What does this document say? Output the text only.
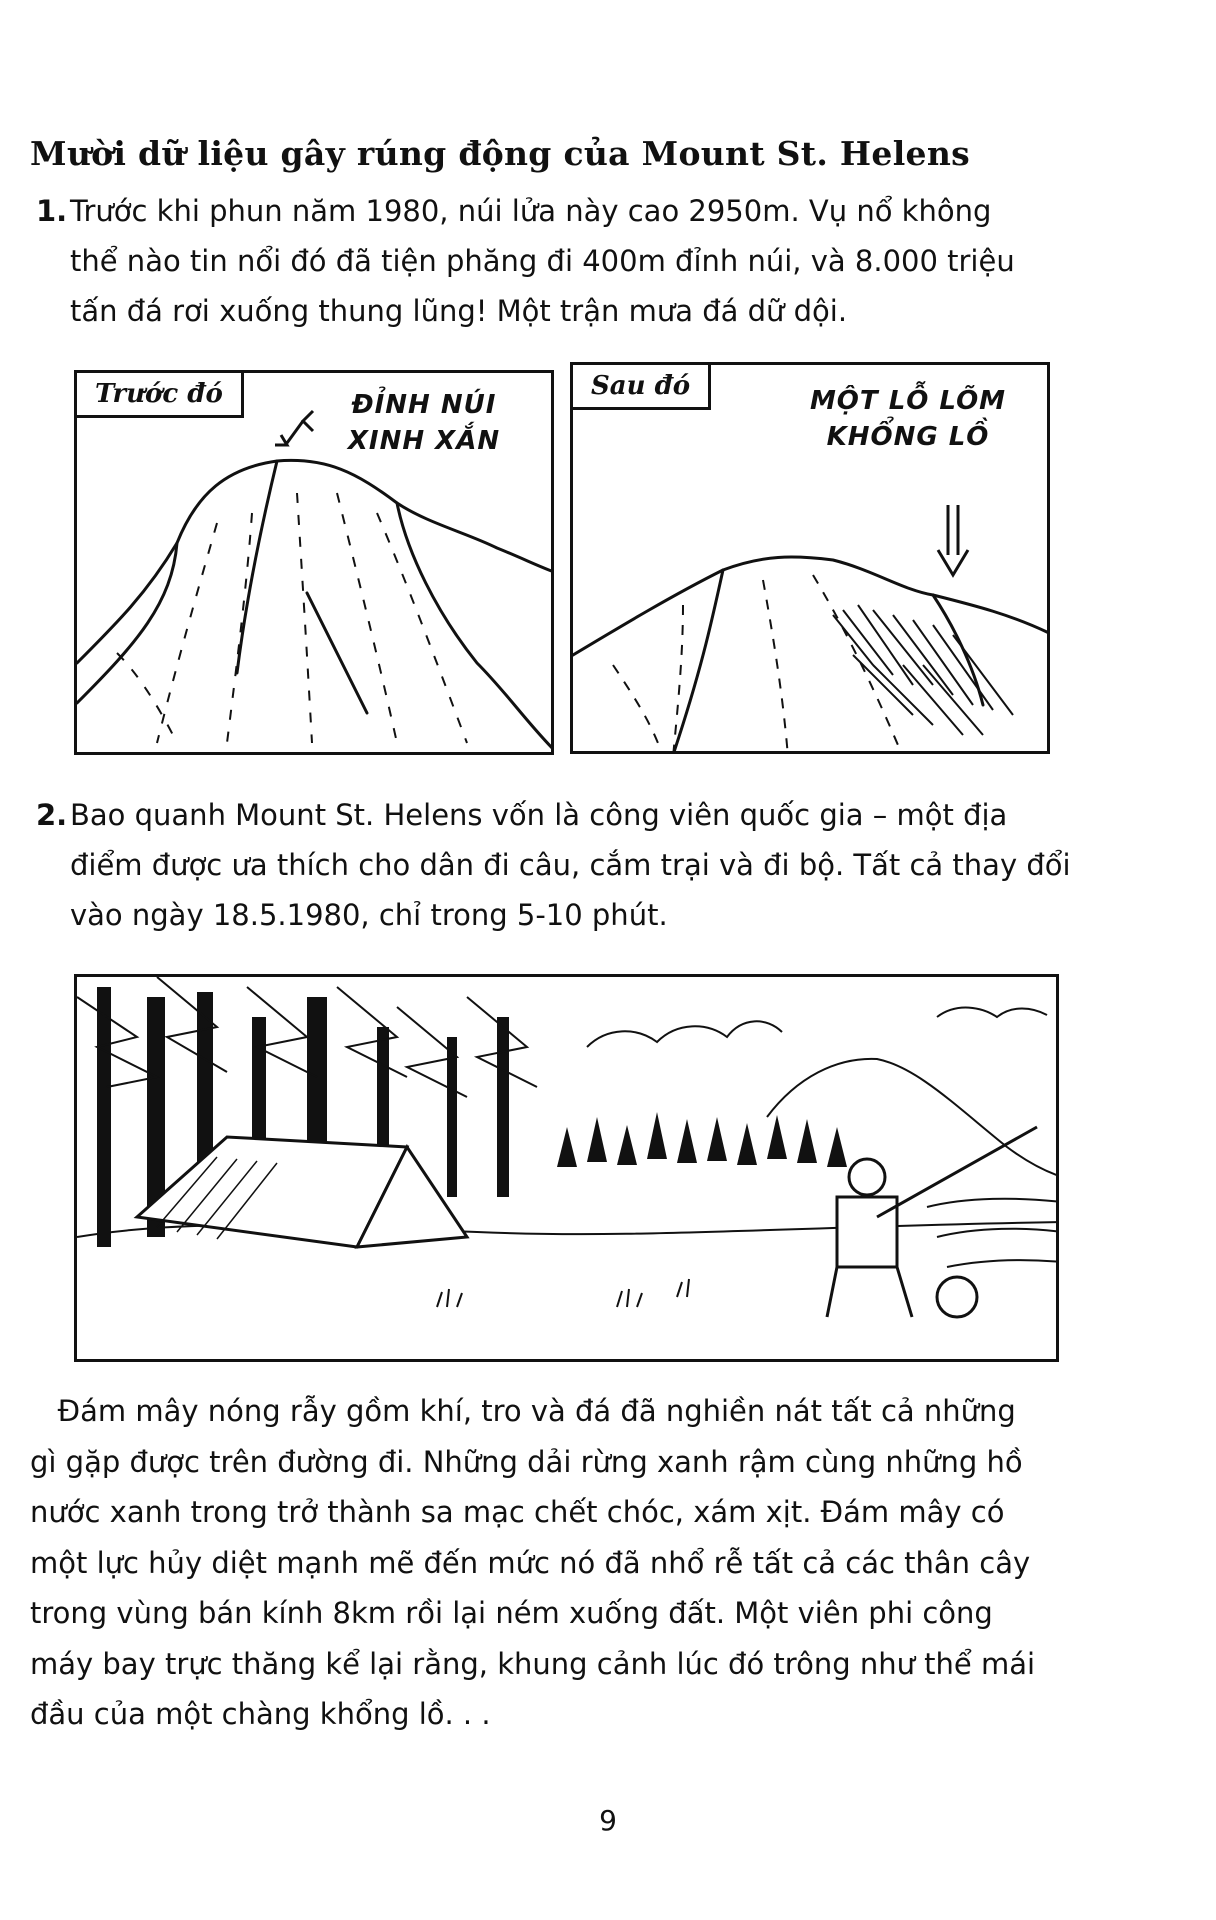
Mười dữ liệu gây rúng động của Mount St. Helens
1. Trước khi phun năm 1980, núi lửa này cao 2950m. Vụ nổ không
thể nào tin nổi đó đã tiện phăng đi 400m đỉnh núi, và 8.000 triệu
tấn đá rơi xuống thung lũng! Một trận mưa đá dữ dội.
Trước đó	ĐỈNH NÚI
XINH XẮN
Sau đó	MỘT LỖ LÕM
KHỔNG LỒ
2. Bao quanh Mount St. Helens vốn là công viên quốc gia – một địa
điểm được ưa thích cho dân đi câu, cắm trại và đi bộ. Tất cả thay đổi
vào ngày 18.5.1980, chỉ trong 5-10 phút.
Đám mây nóng rẫy gồm khí, tro và đá đã nghiền nát tất cả những
gì gặp được trên đường đi. Những dải rừng xanh rậm cùng những hồ
nước xanh trong trở thành sa mạc chết chóc, xám xịt. Đám mây có
một lực hủy diệt mạnh mẽ đến mức nó đã nhổ rễ tất cả các thân cây
trong vùng bán kính 8km rồi lại ném xuống đất. Một viên phi công
máy bay trực thăng kể lại rằng, khung cảnh lúc đó trông như thể mái
đầu của một chàng khổng lồ. . .
9
